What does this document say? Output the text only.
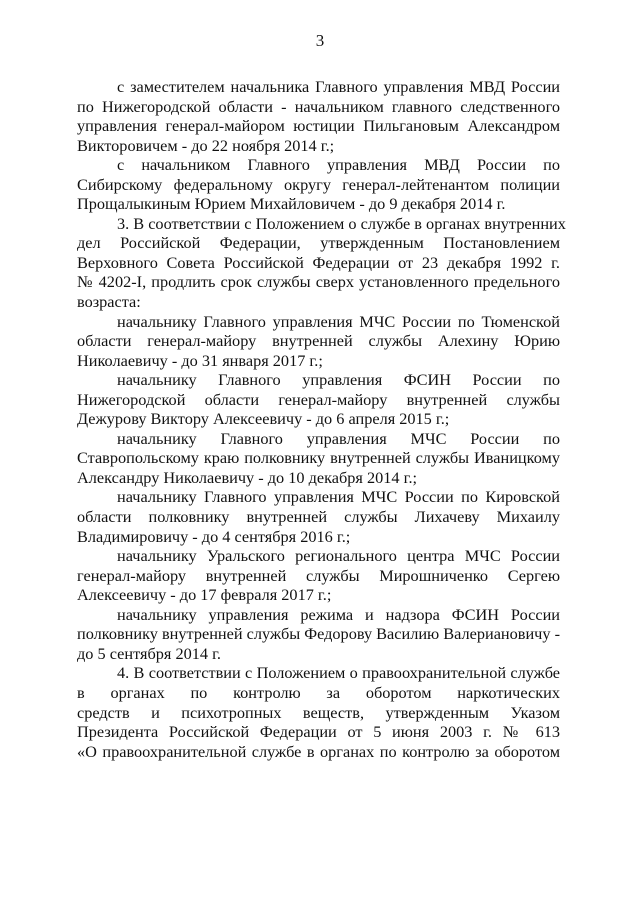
3

с заместителем начальника Главного управления МВД России
по Нижегородской области - начальником главного следственного
управления генерал-майором юстиции Пильгановым Александром
Викторовичем - до 22 ноября 2014 г.;

с начальником Главного управления МВД России по
Сибирскому федеральному округу генерал-лейтенантом полиции
Прощалыкиным Юрием Михайловичем - до 9 декабря 2014 г.

3. В соответствии с Положением о службе в органах внутренних
дел Российской Федерации, утвержденным Постановлением
Верховного Совета Российской Федерации от 23 декабря 1992 г.
№ 4202-I, продлить срок службы сверх установленного предельного
возраста:

начальнику Главного управления МЧС России по Тюменской
области генерал-майору внутренней службы Алехину Юрию
Николаевичу - до 31 января 2017 г.;

начальнику Главного управления ФСИН России по
Нижегородской области генерал-майору внутренней службы
Дежурову Виктору Алексеевичу - до 6 апреля 2015 г.;

начальнику Главного управления МЧС России по
Ставропольскому краю полковнику внутренней службы Иваницкому
Александру Николаевичу - до 10 декабря 2014 г.;

начальнику Главного управления МЧС России по Кировской
области полковнику внутренней службы Лихачеву Михаилу
Владимировичу - до 4 сентября 2016 г.;

начальнику Уральского регионального центра МЧС России
генерал-майору внутренней службы Мирошниченко Сергею
Алексеевичу - до 17 февраля 2017 г.;

начальнику управления режима и надзора ФСИН России
полковнику внутренней службы Федорову Василию Валериановичу -
до 5 сентября 2014 г.

4. В соответствии с Положением о правоохранительной службе
в органах по контролю за оборотом наркотических
средств и психотропных веществ, утвержденным Указом
Президента Российской Федерации от 5 июня 2003 г. № 613
«О правоохранительной службе в органах по контролю за оборотом
